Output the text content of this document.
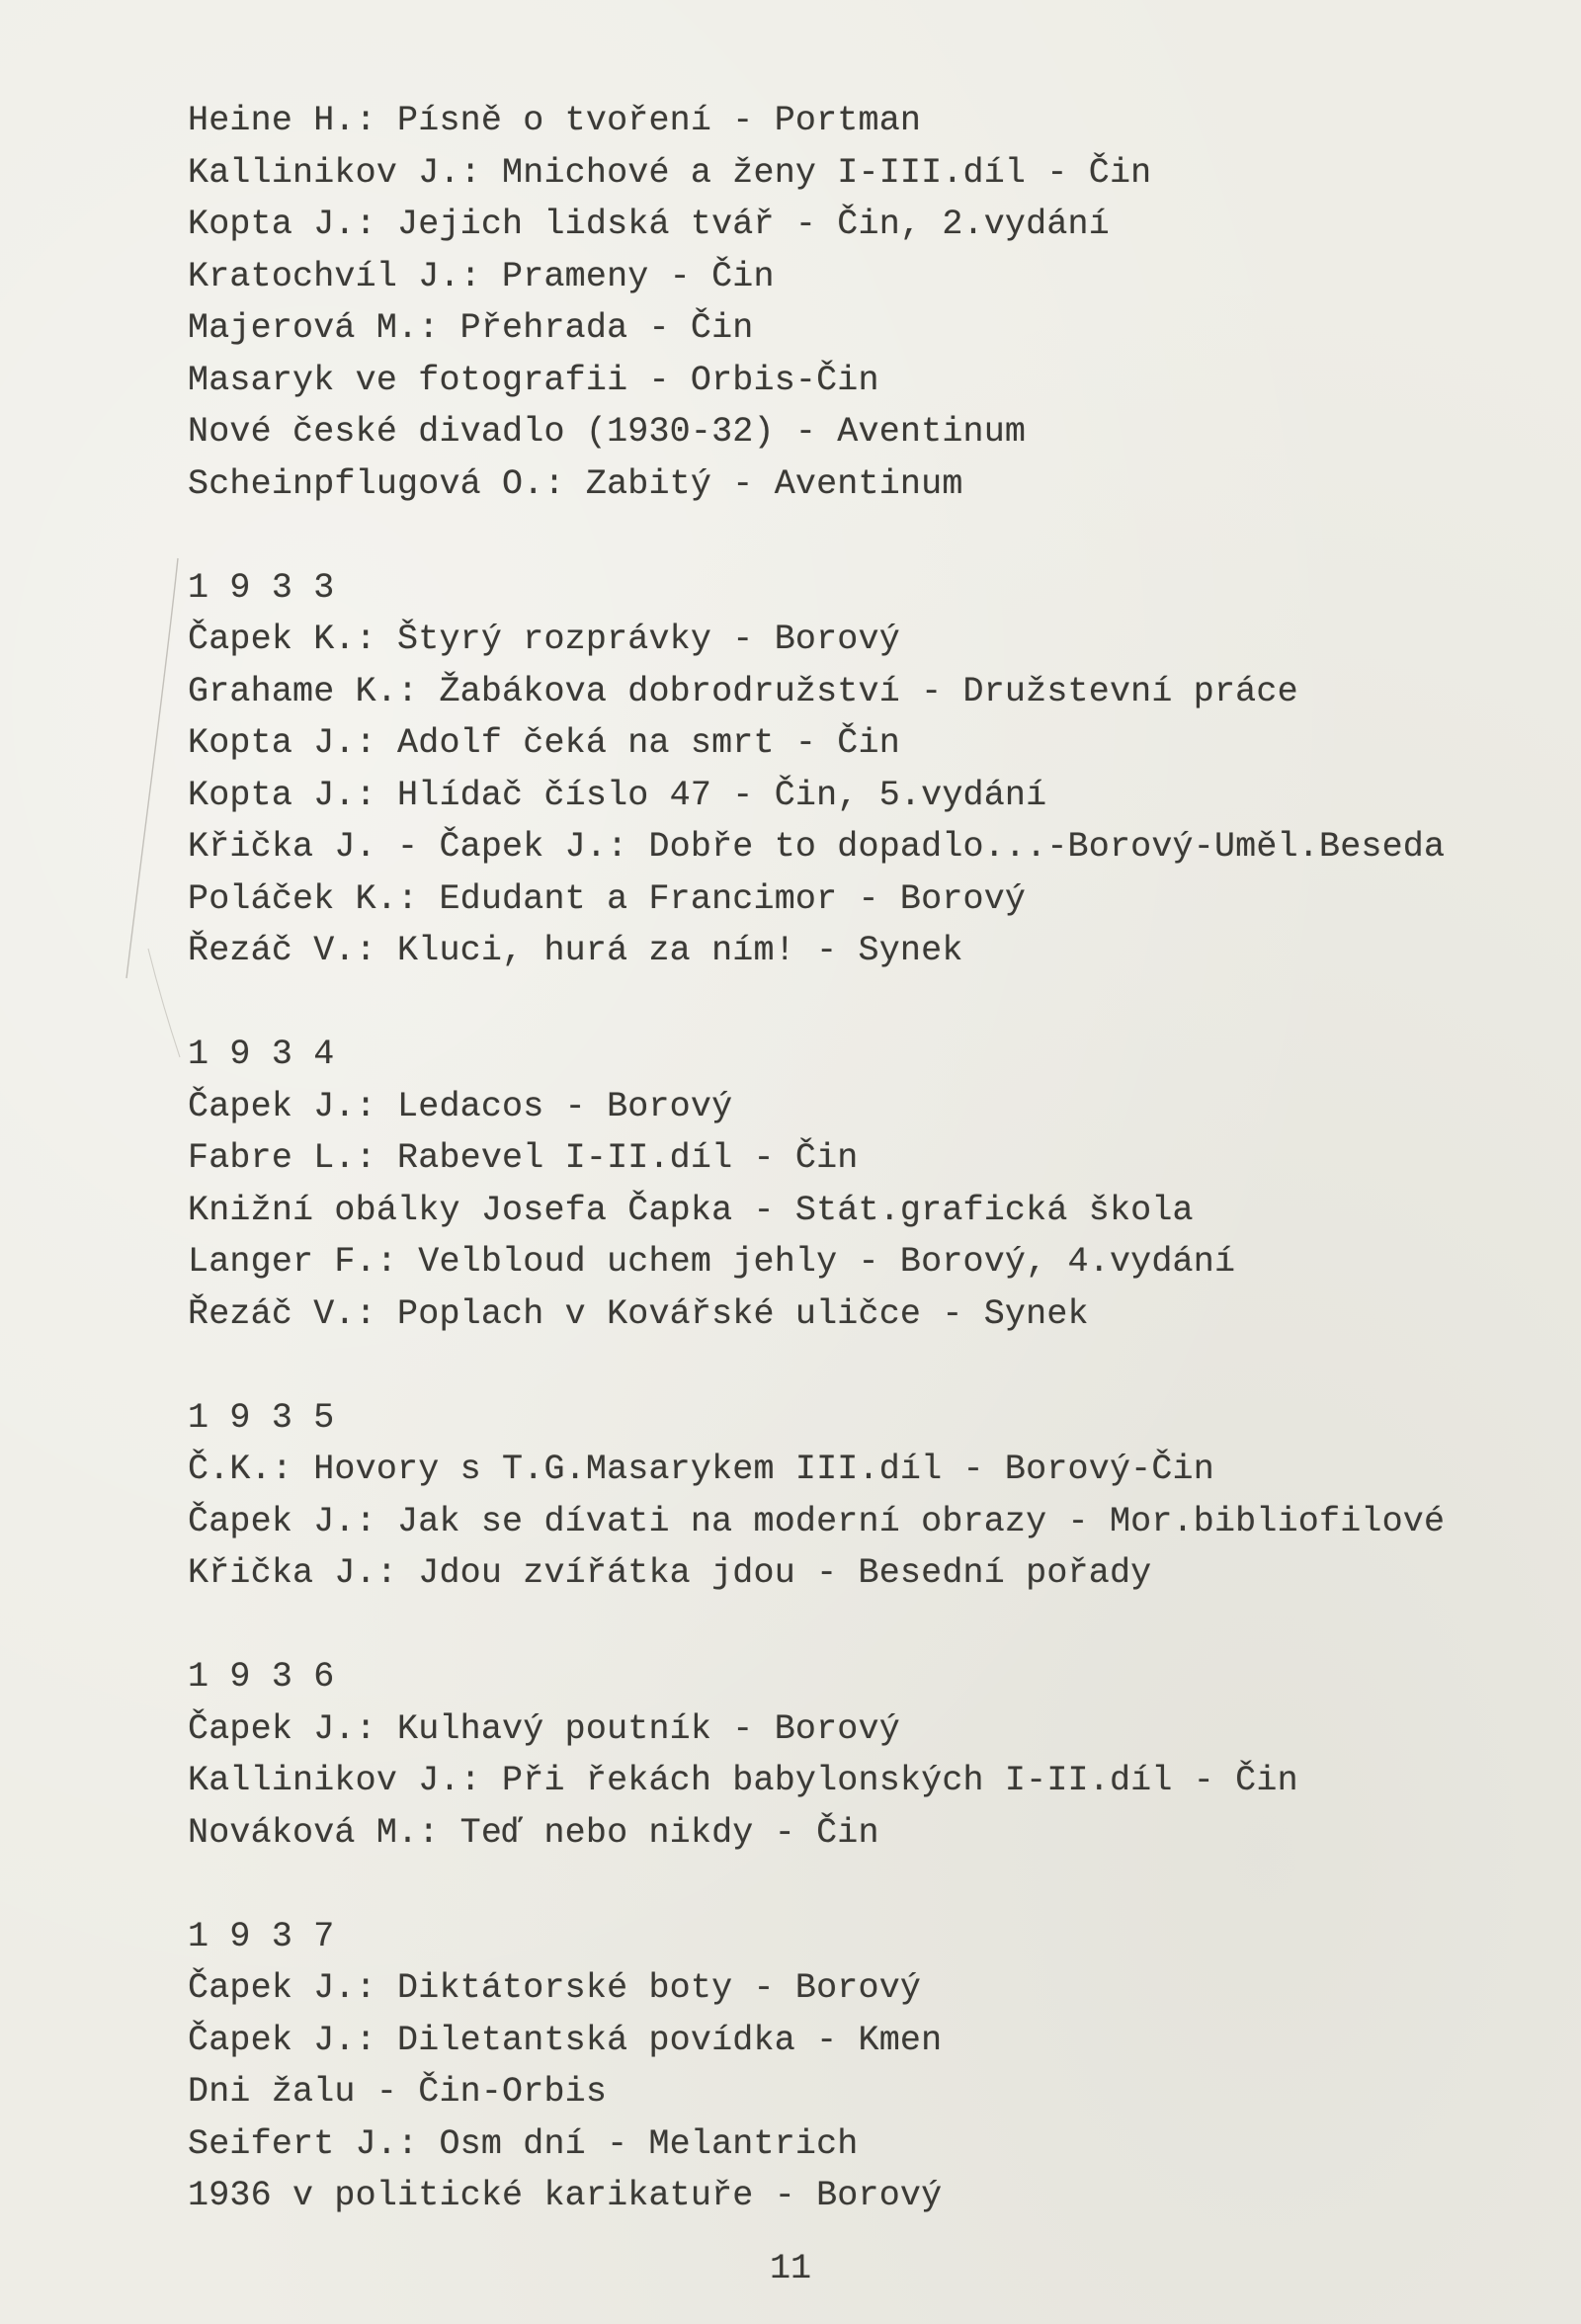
Heine H.: Písně o tvoření - Portman
Kallinikov J.: Mnichové a ženy I-III.díl - Čin
Kopta J.: Jejich lidská tvář - Čin, 2.vydání
Kratochvíl J.: Prameny - Čin
Majerová M.: Přehrada - Čin
Masaryk ve fotografii - Orbis-Čin
Nové české divadlo (1930-32) - Aventinum
Scheinpflugová O.: Zabitý - Aventinum
1 9 3 3
Čapek K.: Štyrý rozprávky - Borový
Grahame K.: Žabákova dobrodružství - Družstevní práce
Kopta J.: Adolf čeká na smrt - Čin
Kopta J.: Hlídač číslo 47 - Čin, 5.vydání
Křička J. - Čapek J.: Dobře to dopadlo...-Borový-Uměl.Beseda
Poláček K.: Edudant a Francimor - Borový
Řezáč V.: Kluci, hurá za ním! - Synek
1 9 3 4
Čapek J.: Ledacos - Borový
Fabre L.: Rabevel I-II.díl - Čin
Knižní obálky Josefa Čapka - Stát.grafická škola
Langer F.: Velbloud uchem jehly - Borový, 4.vydání
Řezáč V.: Poplach v Kovářské uličce - Synek
1 9 3 5
Č.K.: Hovory s T.G.Masarykem III.díl - Borový-Čin
Čapek J.: Jak se dívati na moderní obrazy - Mor.bibliofilové
Křička J.: Jdou zvířátka jdou - Besední pořady
1 9 3 6
Čapek J.: Kulhavý poutník - Borový
Kallinikov J.: Při řekách babylonských I-II.díl - Čin
Nováková M.: Teď nebo nikdy - Čin
1 9 3 7
Čapek J.: Diktátorské boty - Borový
Čapek J.: Diletantská povídka - Kmen
Dni žalu - Čin-Orbis
Seifert J.: Osm dní - Melantrich
1936 v politické karikatuře - Borový
11
